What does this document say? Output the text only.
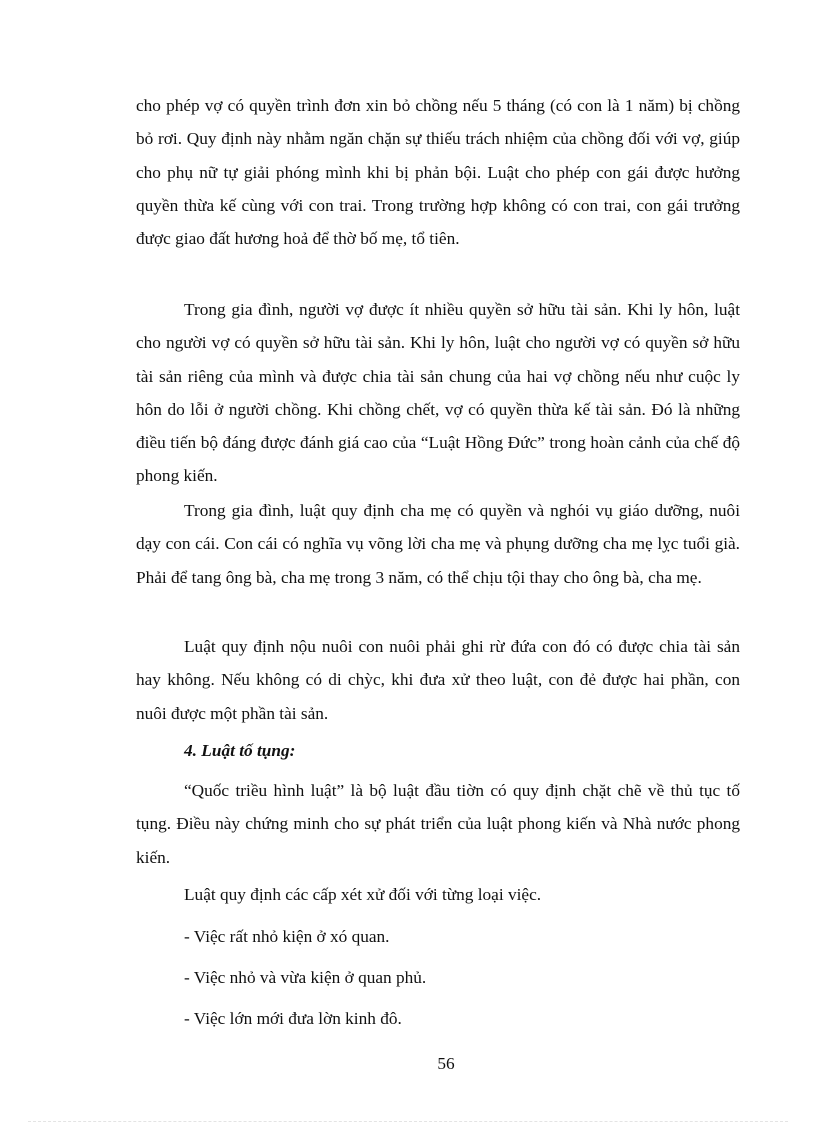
cho phép vợ có quyền trình đơn xin bỏ chồng nếu 5 tháng (có con là 1 năm) bị chồng bỏ rơi. Quy định này nhằm ngăn chặn sự thiếu trách nhiệm của chồng đối với vợ, giúp cho phụ nữ tự giải phóng mình khi bị phản bội. Luật cho phép con gái được hưởng quyền thừa kế cùng với con trai. Trong trường hợp không có con trai, con gái trưởng được giao đất hương hoả để thờ bố mẹ, tổ tiên.

Trong gia đình, người vợ được ít nhiều quyền sở hữu tài sản. Khi ly hôn, luật cho người vợ có quyền sở hữu tài sản. Khi ly hôn, luật cho người vợ có quyền sở hữu tài sản riêng của mình và được chia tài sản chung của hai vợ chồng nếu như cuộc ly hôn do lỗi ở người chồng. Khi chồng chết, vợ có quyền thừa kế tài sản. Đó là những điều tiến bộ đáng được đánh giá cao của “Luật Hồng Đức” trong hoàn cảnh của chế độ phong kiến.

Trong gia đình, luật quy định cha mẹ có quyền và nghói vụ giáo dưỡng, nuôi dạy con cái. Con cái có nghĩa vụ võng lời cha mẹ và phụng dưỡng cha mẹ lỵc tuổi già. Phải để tang ông bà, cha mẹ trong 3 năm, có thể chịu tội thay cho ông bà, cha mẹ.

Luật quy định nộu nuôi con nuôi phải ghi rừ đứa con đó có được chia tài sản hay không. Nếu không có di chỳc, khi đưa xử theo luật, con đẻ được hai phần, con nuôi được một phần tài sản.

4. Luật tố tụng:

“Quốc triều hình luật” là bộ luật đầu tiờn có quy định chặt chẽ về thủ tục tố tụng. Điều này chứng minh cho sự phát triển của luật phong kiến và Nhà nước phong kiến.

Luật quy định các cấp xét xử đối với từng loại việc.

- Việc rất nhỏ kiện ở xó quan.

- Việc nhỏ và vừa kiện ở quan phủ.

- Việc lớn mới đưa lờn kinh đô.

56
